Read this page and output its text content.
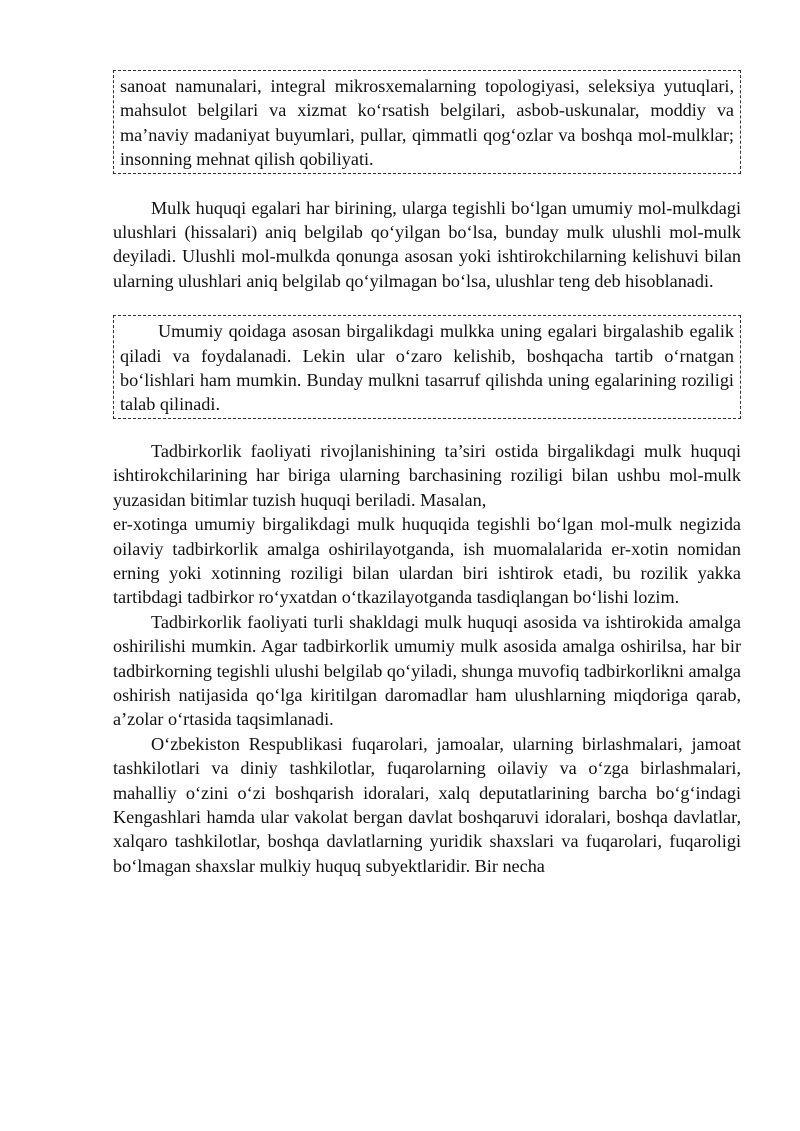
sanoat namunalari, integral mikrosxemalarning topologiyasi, seleksiya yutuqlari, mahsulot belgilari va xizmat ko‘rsatish belgilari, asbob-uskunalar, moddiy va ma’naviy madaniyat buyumlari, pullar, qimmatli qog‘ozlar va boshqa mol-mulklar; insonning mehnat qilish qobiliyati.

Mulk huquqi egalari har birining, ularga tegishli bo‘lgan umumiy mol-mulkdagi ulushlari (hissalari) aniq belgilab qo‘yilgan bo‘lsa, bunday mulk ulushli mol-mulk deyiladi. Ulushli mol-mulkda qonunga asosan yoki ishtirokchilarning kelishuvi bilan ularning ulushlari aniq belgilab qo‘yilmagan bo‘lsa, ulushlar teng deb hisoblanadi.

Umumiy qoidaga asosan birgalikdagi mulkka uning egalari birgalashib egalik qiladi va foydalanadi. Lekin ular o‘zaro kelishib, boshqacha tartib o‘rnatgan bo‘lishlari ham mumkin. Bunday mulkni tasarruf qilishda uning egalarining roziligi talab qilinadi.

Tadbirkorlik faoliyati rivojlanishining ta’siri ostida birgalikdagi mulk huquqi ishtirokchilarining har biriga ularning barchasining roziligi bilan ushbu mol-mulk yuzasidan bitimlar tuzish huquqi beriladi. Masalan,

er-xotinga umumiy birgalikdagi mulk huquqida tegishli bo‘lgan mol-mulk negizida oilaviy tadbirkorlik amalga oshirilayotganda, ish muomalalarida er-xotin nomidan erning yoki xotinning roziligi bilan ulardan biri ishtirok etadi, bu rozilik yakka tartibdagi tadbirkor ro‘yxatdan o‘tkazilayotganda tasdiqlangan bo‘lishi lozim.

Tadbirkorlik faoliyati turli shakldagi mulk huquqi asosida va ishtirokida amalga oshirilishi mumkin. Agar tadbirkorlik umumiy mulk asosida amalga oshirilsa, har bir tadbirkorning tegishli ulushi belgilab qo‘yiladi, shunga muvofiq tadbirkorlikni amalga oshirish natijasida qo‘lga kiritilgan daromadlar ham ulushlarning miqdoriga qarab, a’zolar o‘rtasida taqsimlanadi.

O‘zbekiston Respublikasi fuqarolari, jamoalar, ularning birlashmalari, jamoat tashkilotlari va diniy tashkilotlar, fuqarolarning oilaviy va o‘zga birlashmalari, mahalliy o‘zini o‘zi boshqarish idoralari, xalq deputatlarining barcha bo‘g‘indagi Kengashlari hamda ular vakolat bergan davlat boshqaruvi idoralari, boshqa davlatlar, xalqaro tashkilotlar, boshqa davlatlarning yuridik shaxslari va fuqarolari, fuqaroligi bo‘lmagan shaxslar mulkiy huquq subyektlaridir. Bir necha
